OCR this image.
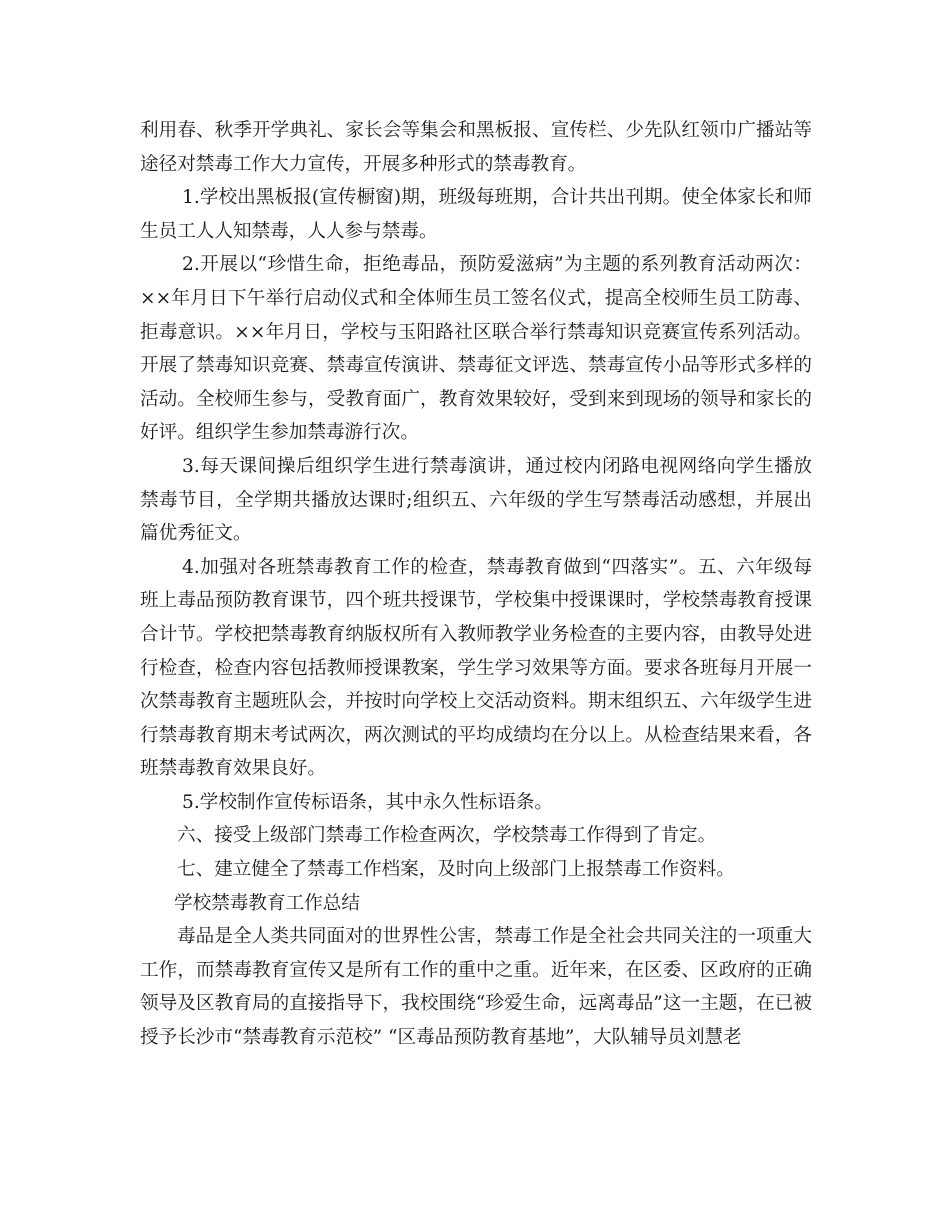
利用春、秋季开学典礼、家长会等集会和黑板报、宣传栏、少先队红领巾广播站等途径对禁毒工作大力宣传，开展多种形式的禁毒教育。

1.学校出黑板报(宣传橱窗)期，班级每班期，合计共出刊期。使全体家长和师生员工人人知禁毒，人人参与禁毒。

2.开展以“珍惜生命，拒绝毒品，预防爱滋病”为主题的系列教育活动两次：××年月日下午举行启动仪式和全体师生员工签名仪式，提高全校师生员工防毒、拒毒意识。××年月日，学校与玉阳路社区联合举行禁毒知识竞赛宣传系列活动。开展了禁毒知识竞赛、禁毒宣传演讲、禁毒征文评选、禁毒宣传小品等形式多样的活动。全校师生参与，受教育面广，教育效果较好，受到来到现场的领导和家长的好评。组织学生参加禁毒游行次。

3.每天课间操后组织学生进行禁毒演讲，通过校内闭路电视网络向学生播放禁毒节目，全学期共播放达课时;组织五、六年级的学生写禁毒活动感想，并展出篇优秀征文。

4.加强对各班禁毒教育工作的检查，禁毒教育做到“四落实”。五、六年级每班上毒品预防教育课节，四个班共授课节，学校集中授课课时，学校禁毒教育授课合计节。学校把禁毒教育纳版权所有入教师教学业务检查的主要内容，由教导处进行检查，检查内容包括教师授课教案，学生学习效果等方面。要求各班每月开展一次禁毒教育主题班队会，并按时向学校上交活动资料。期末组织五、六年级学生进行禁毒教育期末考试两次，两次测试的平均成绩均在分以上。从检查结果来看，各班禁毒教育效果良好。

5.学校制作宣传标语条，其中永久性标语条。

六、接受上级部门禁毒工作检查两次，学校禁毒工作得到了肯定。

七、建立健全了禁毒工作档案，及时向上级部门上报禁毒工作资料。

学校禁毒教育工作总结

毒品是全人类共同面对的世界性公害，禁毒工作是全社会共同关注的一项重大工作，而禁毒教育宣传又是所有工作的重中之重。近年来，在区委、区政府的正确领导及区教育局的直接指导下，我校围绕“珍爱生命，远离毒品”这一主题，在已被授予长沙市“禁毒教育示范校” “区毒品预防教育基地”，大队辅导员刘慧老
